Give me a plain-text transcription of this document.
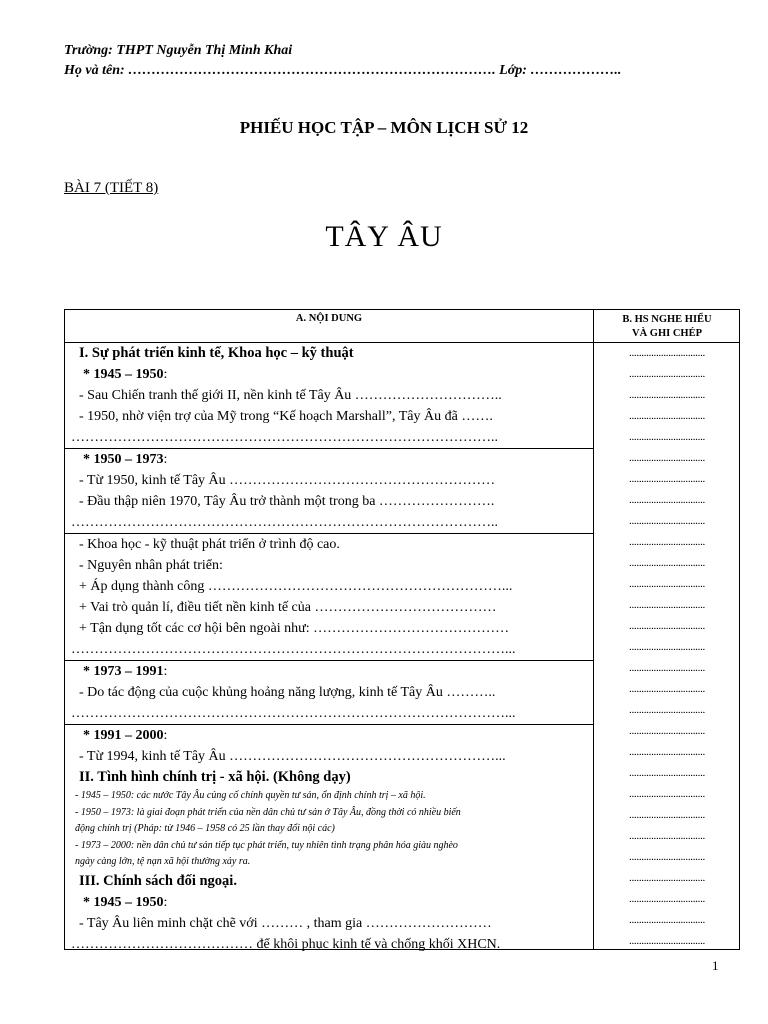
Trường: THPT Nguyễn Thị Minh Khai
Họ và tên: ……………………………………………………………………. Lớp: ………………..
PHIẾU HỌC TẬP – MÔN LỊCH SỬ 12
BÀI 7 (TIẾT 8)
TÂY ÂU
A. NỘI DUNG	B. HS NGHE HIỂU
VÀ GHI CHÉP
I. Sự phát triển kinh tế, Khoa học – kỹ thuật
* 1945 – 1950:
- Sau Chiến tranh thế giới II, nền kinh tế Tây Âu …………………………..
- 1950, nhờ viện trợ của Mỹ trong “Kế hoạch Marshall”, Tây Âu đã …….
………………………………………………………………………………..
* 1950 – 1973:
- Từ 1950, kinh tế Tây Âu …………………………………………………
- Đầu thập niên 1970, Tây Âu trở thành một trong ba …………………….
………………………………………………………………………………..
- Khoa học - kỹ thuật phát triển ở trình độ cao.
- Nguyên nhân phát triển:
+ Áp dụng thành công ………………………………………………………...
+ Vai trò quản lí, điều tiết nền kinh tế của …………………………………
+ Tận dụng tốt các cơ hội bên ngoài như: ……………………………………
…………………………………………………………………………………...
* 1973 – 1991:
- Do tác động của cuộc khủng hoảng năng lượng, kinh tế Tây Âu ………..
…………………………………………………………………………………...
* 1991 – 2000:
- Từ 1994, kinh tế Tây Âu …………………………………………………...
II. Tình hình chính trị - xã hội. (Không dạy)
- 1945 – 1950: các nước Tây Âu củng cố chính quyền tư sản, ổn định chính trị – xã hội.
- 1950 – 1973: là giai đoạn phát triển của nền dân chủ tư sản ở Tây Âu, đồng thời có nhiều biến
động chính trị (Pháp: từ 1946 – 1958 có 25 lần thay đổi nội các)
- 1973 – 2000: nền dân chủ tư sản tiếp tục phát triển, tuy nhiên tình trạng phân hóa giàu nghèo
ngày càng lớn, tệ nạn xã hội thường xảy ra.
III. Chính sách đối ngoại.
* 1945 – 1950:
- Tây Âu liên minh chặt chẽ với ……… , tham gia ………………………
………………………………… để khôi phục kinh tế và chống khối XHCN.
...............................
...............................
...............................
...............................
...............................
...............................
...............................
...............................
...............................
...............................
...............................
...............................
...............................
...............................
...............................
...............................
...............................
...............................
...............................
...............................
...............................
...............................
...............................
...............................
...............................
...............................
...............................
...............................
...............................
1
